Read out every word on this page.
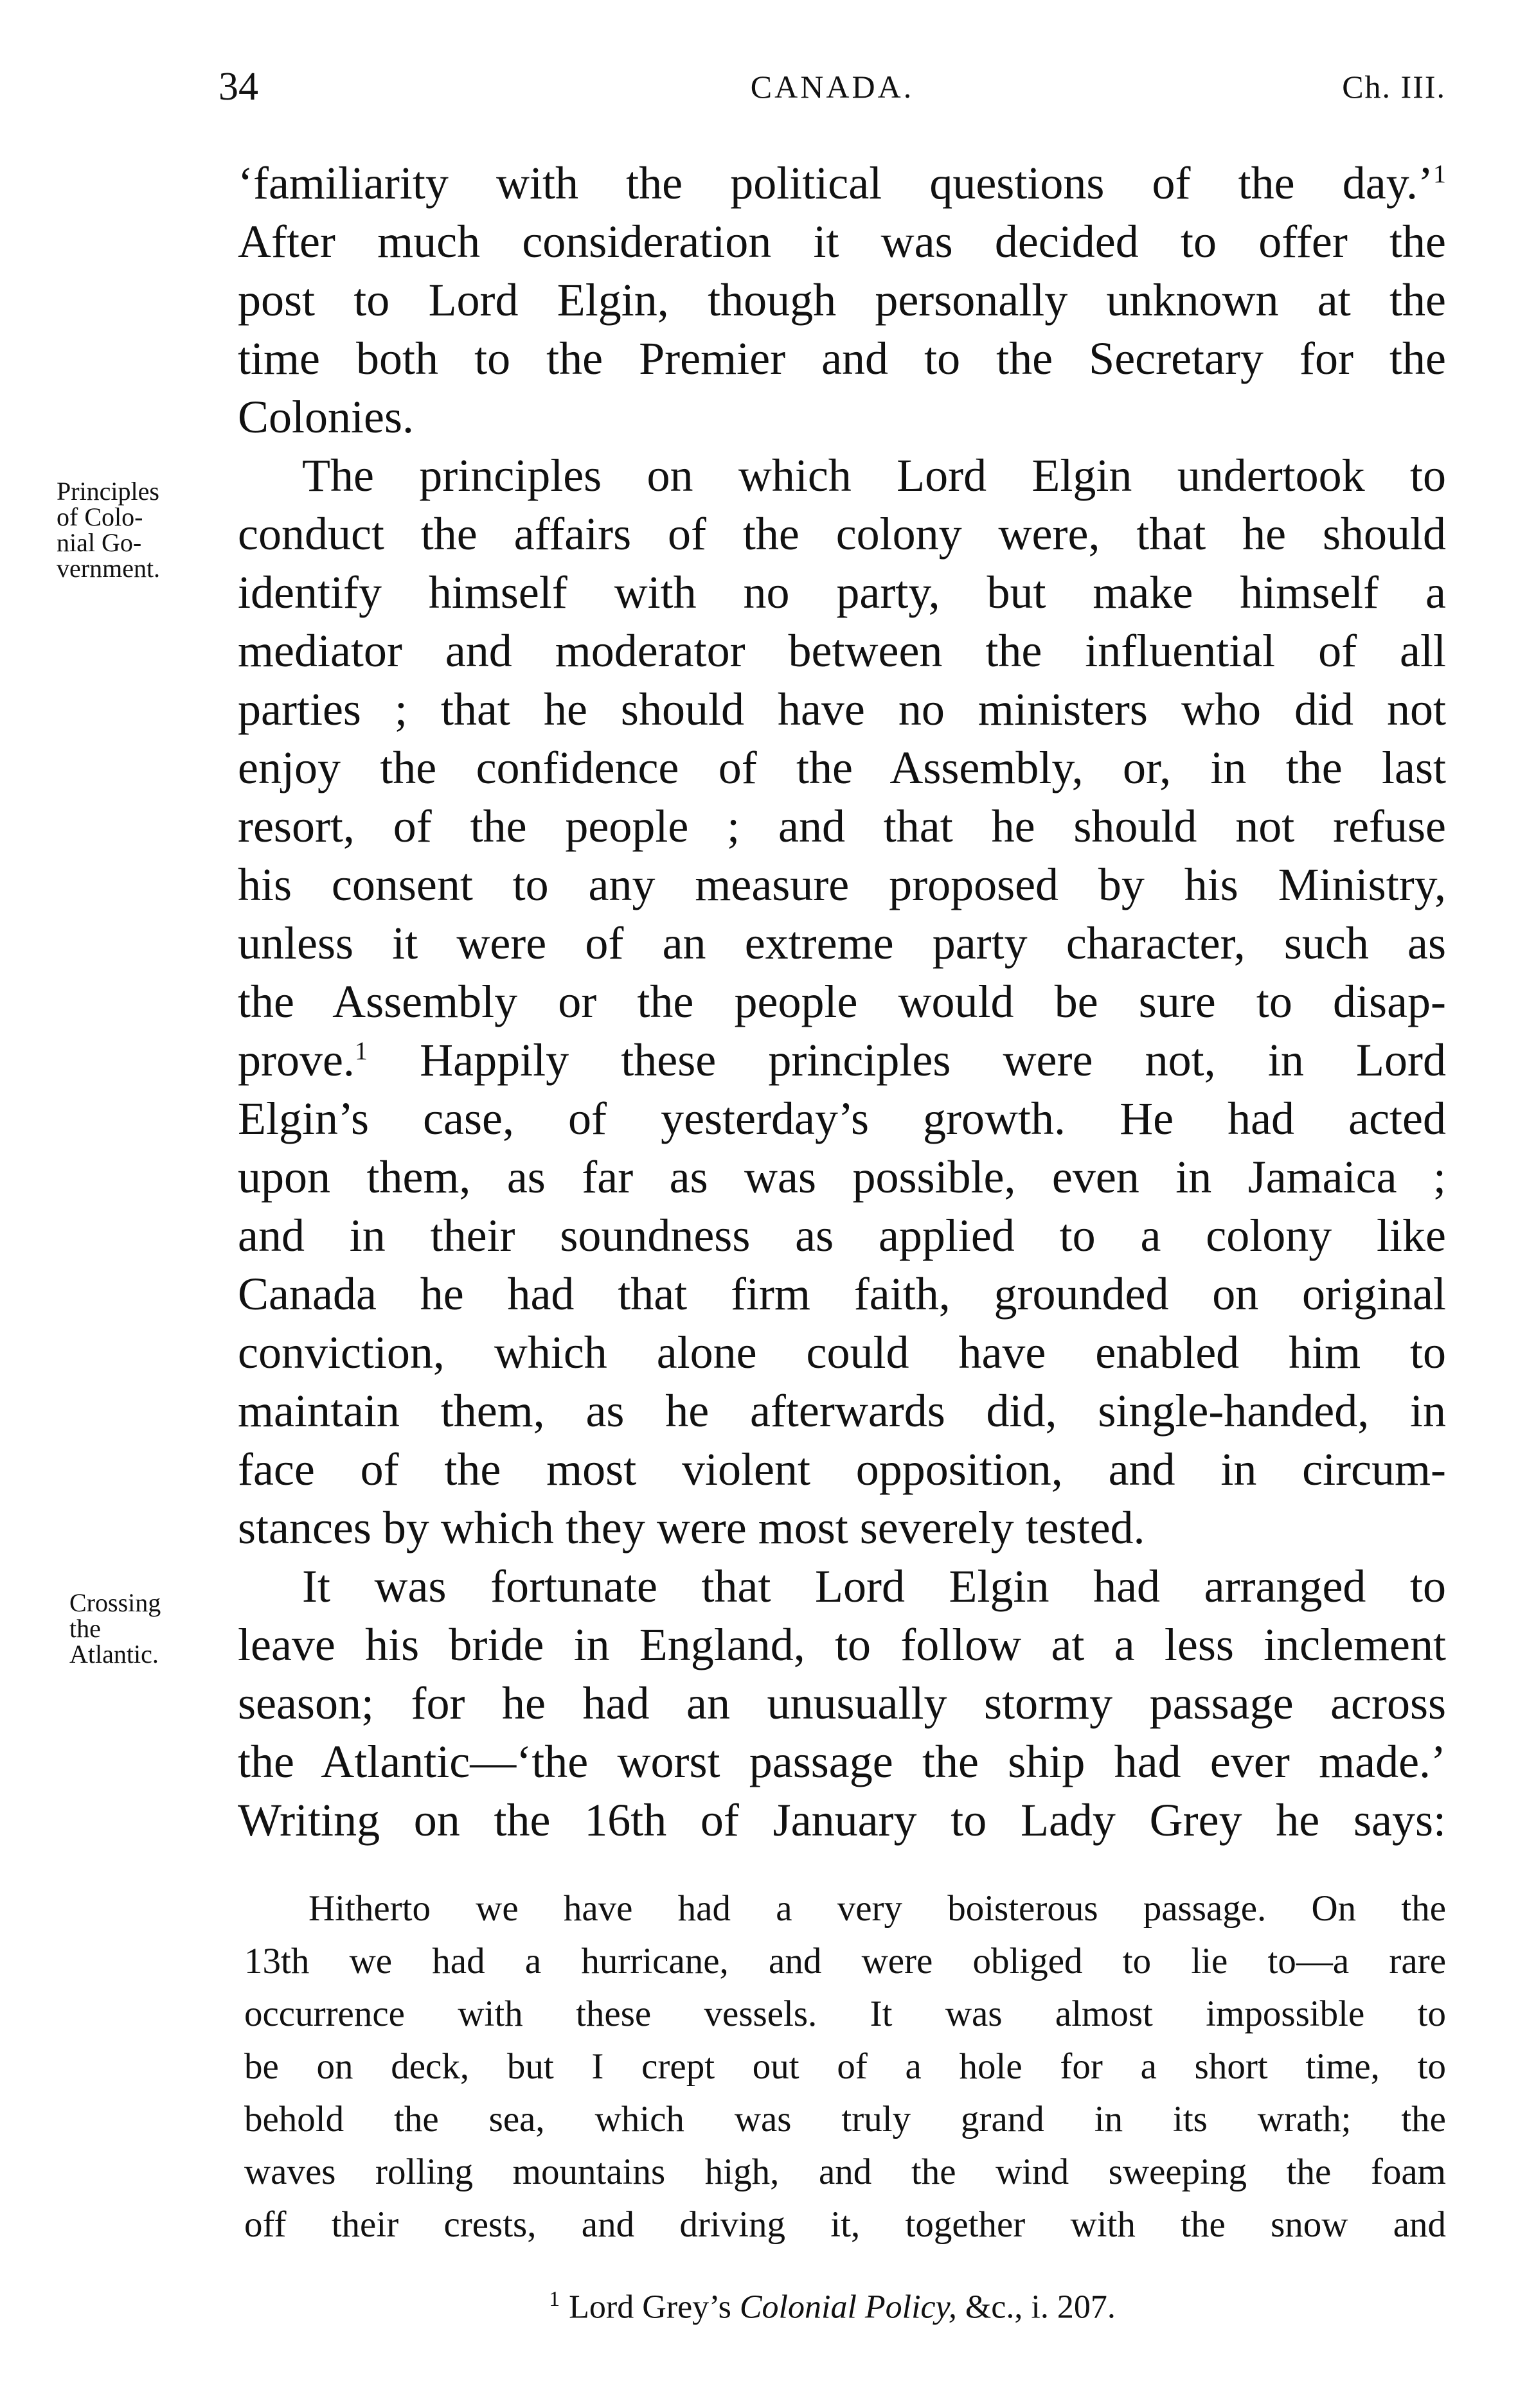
34	CANADA.	Ch. III.
Principles
of Colo-
nial Go-
vernment.
Crossing
the
Atlantic.
‘familiarity with the political questions of the day.’$^1$
After much consideration it was decided to offer the
post to Lord Elgin, though personally unknown at the
time both to the Premier and to the Secretary for the
Colonies.
The principles on which Lord Elgin undertook to
conduct the affairs of the colony were, that he should
identify himself with no party, but make himself a
mediator and moderator between the influential of all
parties ; that he should have no ministers who did not
enjoy the confidence of the Assembly, or, in the last
resort, of the people ; and that he should not refuse
his consent to any measure proposed by his Ministry,
unless it were of an extreme party character, such as
the Assembly or the people would be sure to disap-
prove.$^1$ Happily these principles were not, in Lord
Elgin’s case, of yesterday’s growth. He had acted
upon them, as far as was possible, even in Jamaica ;
and in their soundness as applied to a colony like
Canada he had that firm faith, grounded on original
conviction, which alone could have enabled him to
maintain them, as he afterwards did, single-handed, in
face of the most violent opposition, and in circum-
stances by which they were most severely tested.
It was fortunate that Lord Elgin had arranged to
leave his bride in England, to follow at a less inclement
season; for he had an unusually stormy passage across
the Atlantic—‘the worst passage the ship had ever made.’
Writing on the 16th of January to Lady Grey he says:
Hitherto we have had a very boisterous passage. On the
13th we had a hurricane, and were obliged to lie to—a rare
occurrence with these vessels. It was almost impossible to
be on deck, but I crept out of a hole for a short time, to
behold the sea, which was truly grand in its wrath; the
waves rolling mountains high, and the wind sweeping the foam
off their crests, and driving it, together with the snow and
$^1$ Lord Grey’s Colonial Policy, &c., i. 207.
